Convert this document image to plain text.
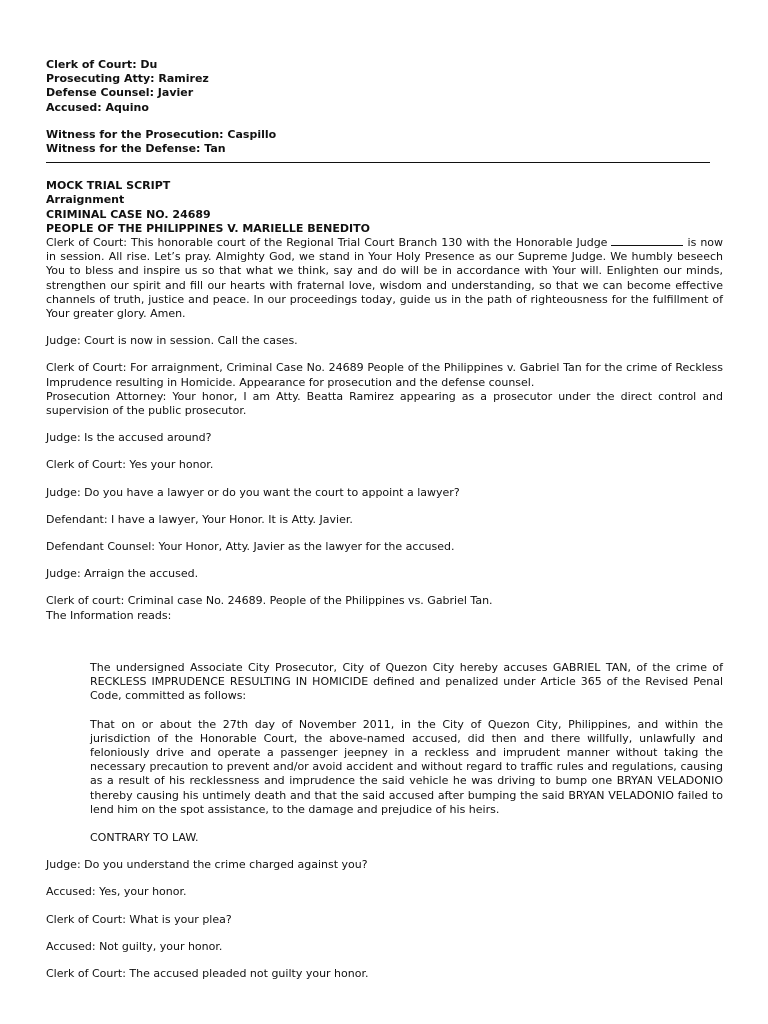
Clerk of Court: Du
Prosecuting Atty: Ramirez
Defense Counsel: Javier
Accused: Aquino
Witness for the Prosecution: Caspillo
Witness for the Defense: Tan
MOCK TRIAL SCRIPT
Arraignment
CRIMINAL CASE NO. 24689
PEOPLE OF THE PHILIPPINES V. MARIELLE BENEDITO

Clerk of Court: This honorable court of the Regional Trial Court Branch 130 with the Honorable Judge	is now in session. All rise. Let’s pray. Almighty God, we stand in Your Holy Presence as our Supreme Judge. We humbly beseech You to bless and inspire us so that what we think, say and do will be in accordance with Your will. Enlighten our minds, strengthen our spirit and fill our hearts with fraternal love, wisdom and understanding, so that we can become effective channels of truth, justice and peace. In our proceedings today, guide us in the path of righteousness for the fulfillment of Your greater glory. Amen.

Judge: Court is now in session. Call the cases.

Clerk of Court: For arraignment, Criminal Case No. 24689 People of the Philippines v. Gabriel Tan for the crime of Reckless Imprudence resulting in Homicide. Appearance for prosecution and the defense counsel.

Prosecution Attorney: Your honor, I am Atty. Beatta Ramirez appearing as a prosecutor under the direct control and supervision of the public prosecutor.

Judge: Is the accused around?

Clerk of Court: Yes your honor.

Judge: Do you have a lawyer or do you want the court to appoint a lawyer?

Defendant: I have a lawyer, Your Honor. It is Atty. Javier.

Defendant Counsel: Your Honor, Atty. Javier as the lawyer for the accused.

Judge: Arraign the accused.

Clerk of court: Criminal case No. 24689. People of the Philippines vs. Gabriel Tan.

The Information reads:

The undersigned Associate City Prosecutor, City of Quezon City hereby accuses GABRIEL TAN, of the crime of RECKLESS IMPRUDENCE RESULTING IN HOMICIDE defined and penalized under Article 365 of the Revised Penal Code, committed as follows:

That on or about the 27th day of November 2011, in the City of Quezon City, Philippines, and within the jurisdiction of the Honorable Court, the above-named accused, did then and there willfully, unlawfully and feloniously drive and operate a passenger jeepney in a reckless and imprudent manner without taking the necessary precaution to prevent and/or avoid accident and without regard to traffic rules and regulations, causing as a result of his recklessness and imprudence the said vehicle he was driving to bump one BRYAN VELADONIO thereby causing his untimely death and that the said accused after bumping the said BRYAN VELADONIO failed to lend him on the spot assistance, to the damage and prejudice of his heirs.

CONTRARY TO LAW.

Judge: Do you understand the crime charged against you?

Accused: Yes, your honor.

Clerk of Court: What is your plea?

Accused: Not guilty, your honor.

Clerk of Court: The accused pleaded not guilty your honor.
